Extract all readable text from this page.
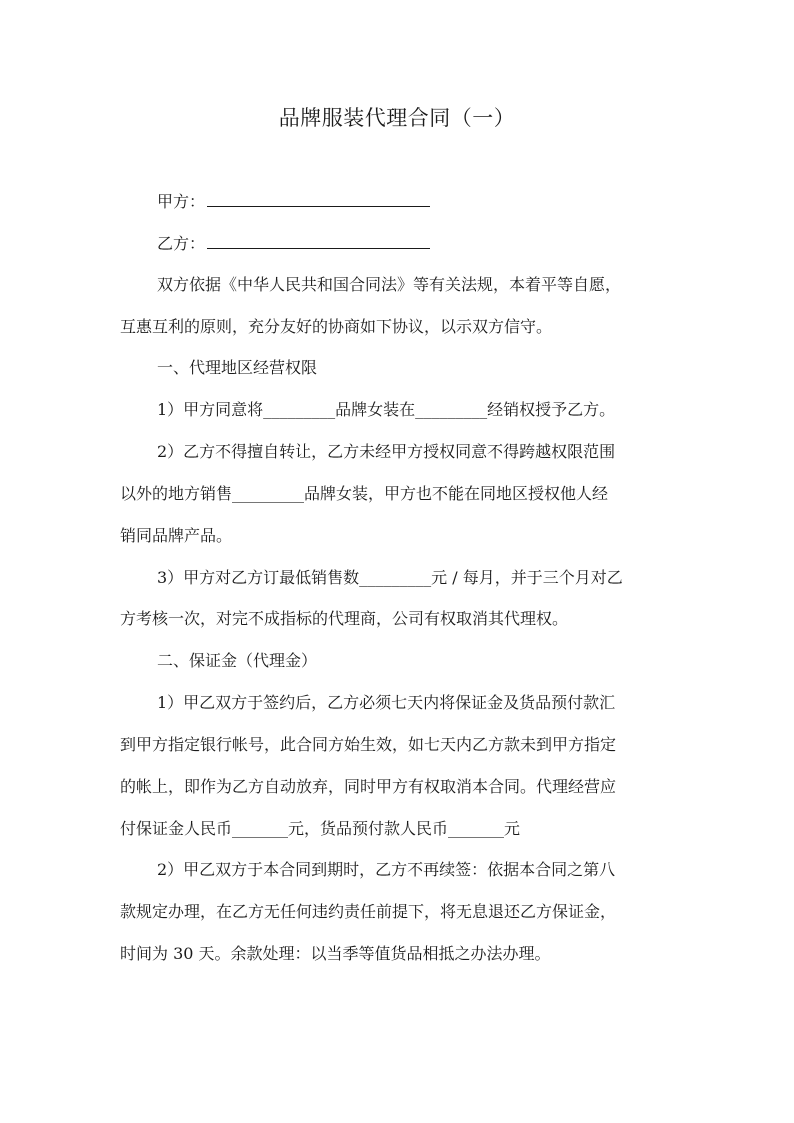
品牌服装代理合同（一）
甲方：
乙方：
双方依据《中华人民共和国合同法》等有关法规，本着平等自愿，
互惠互利的原则，充分友好的协商如下协议，以示双方信守。
一、代理地区经营权限
1）甲方同意将_________品牌女装在_________经销权授予乙方。
2）乙方不得擅自转让，乙方未经甲方授权同意不得跨越权限范围
以外的地方销售_________品牌女装，甲方也不能在同地区授权他人经
销同品牌产品。
3）甲方对乙方订最低销售数_________元 / 每月，并于三个月对乙
方考核一次，对完不成指标的代理商，公司有权取消其代理权。
二、保证金（代理金）
1）甲乙双方于签约后，乙方必须七天内将保证金及货品预付款汇
到甲方指定银行帐号，此合同方始生效，如七天内乙方款未到甲方指定
的帐上，即作为乙方自动放弃，同时甲方有权取消本合同。代理经营应
付保证金人民币_______元，货品预付款人民币_______元
2）甲乙双方于本合同到期时，乙方不再续签：依据本合同之第八
款规定办理，在乙方无任何违约责任前提下，将无息退还乙方保证金，
时间为 30 天。余款处理：以当季等值货品相抵之办法办理。
